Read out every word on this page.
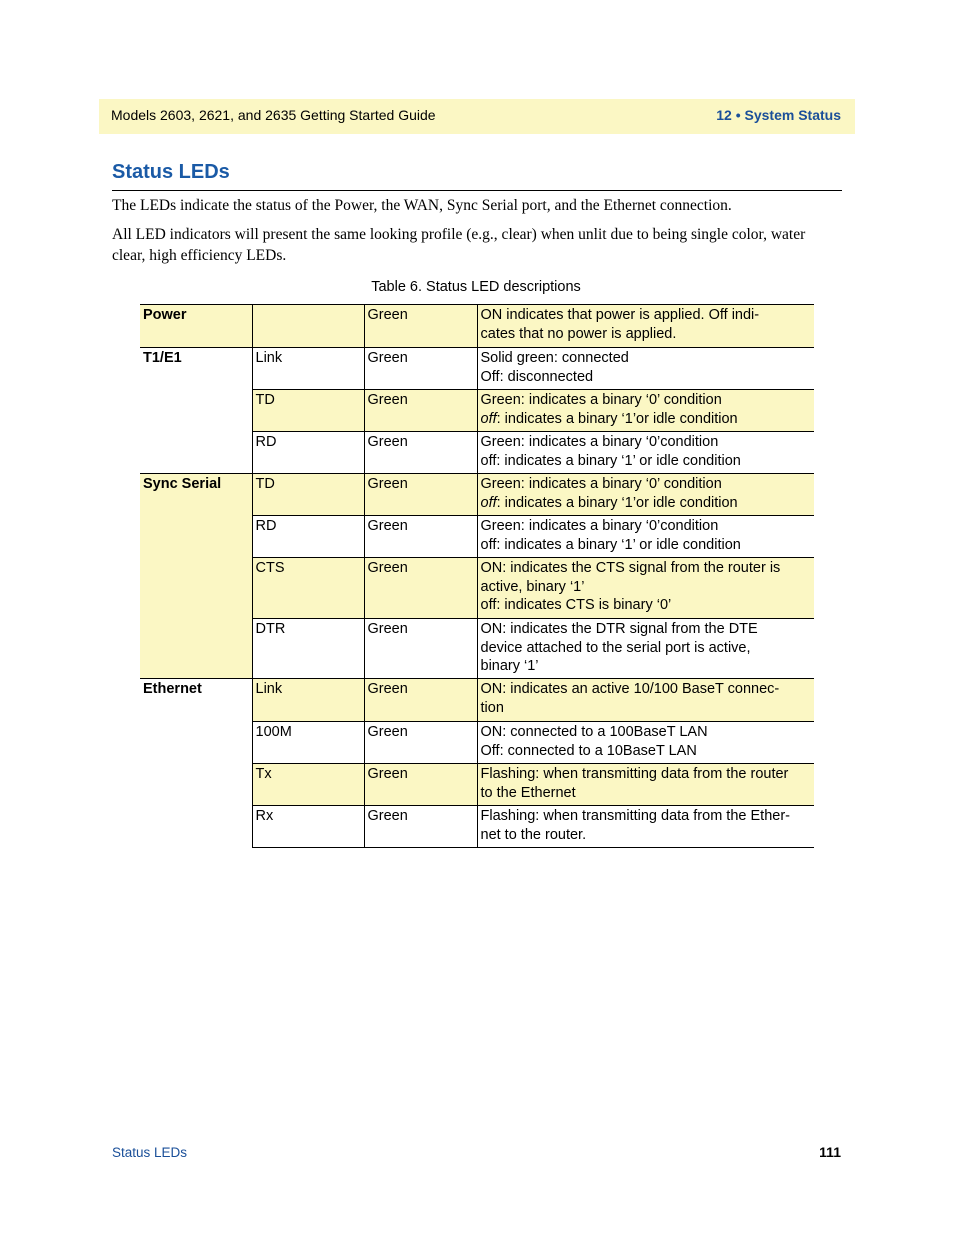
Models 2603, 2621, and 2635 Getting Started Guide	12 • System Status
Status LEDs
The LEDs indicate the status of the Power, the WAN, Sync Serial port, and the Ethernet connection.
All LED indicators will present the same looking profile (e.g., clear) when unlit due to being single color, water clear, high efficiency LEDs.
Table 6. Status LED descriptions
Power		Green	ON indicates that power is applied. Off indi-
cates that no power is applied.

T1/E1	Link	Green	Solid green: connected
Off: disconnected

	TD	Green	Green: indicates a binary ‘0’ condition
off: indicates a binary ‘1’or idle condition

	RD	Green	Green: indicates a binary ‘0’condition
off: indicates a binary ‘1’ or idle condition

Sync Serial	TD	Green	Green: indicates a binary ‘0’ condition
off: indicates a binary ‘1’or idle condition

	RD	Green	Green: indicates a binary ‘0’condition
off: indicates a binary ‘1’ or idle condition

	CTS	Green	ON: indicates the CTS signal from the router is
active, binary ‘1’
off: indicates CTS is binary ‘0’

	DTR	Green	ON: indicates the DTR signal from the DTE
device attached to the serial port is active,
binary ‘1’

Ethernet	Link	Green	ON: indicates an active 10/100 BaseT connec-
tion

	100M	Green	ON: connected to a 100BaseT LAN
Off: connected to a 10BaseT LAN

	Tx	Green	Flashing: when transmitting data from the router
to the Ethernet

	Rx	Green	Flashing: when transmitting data from the Ether-
net to the router.
Status LEDs	111
